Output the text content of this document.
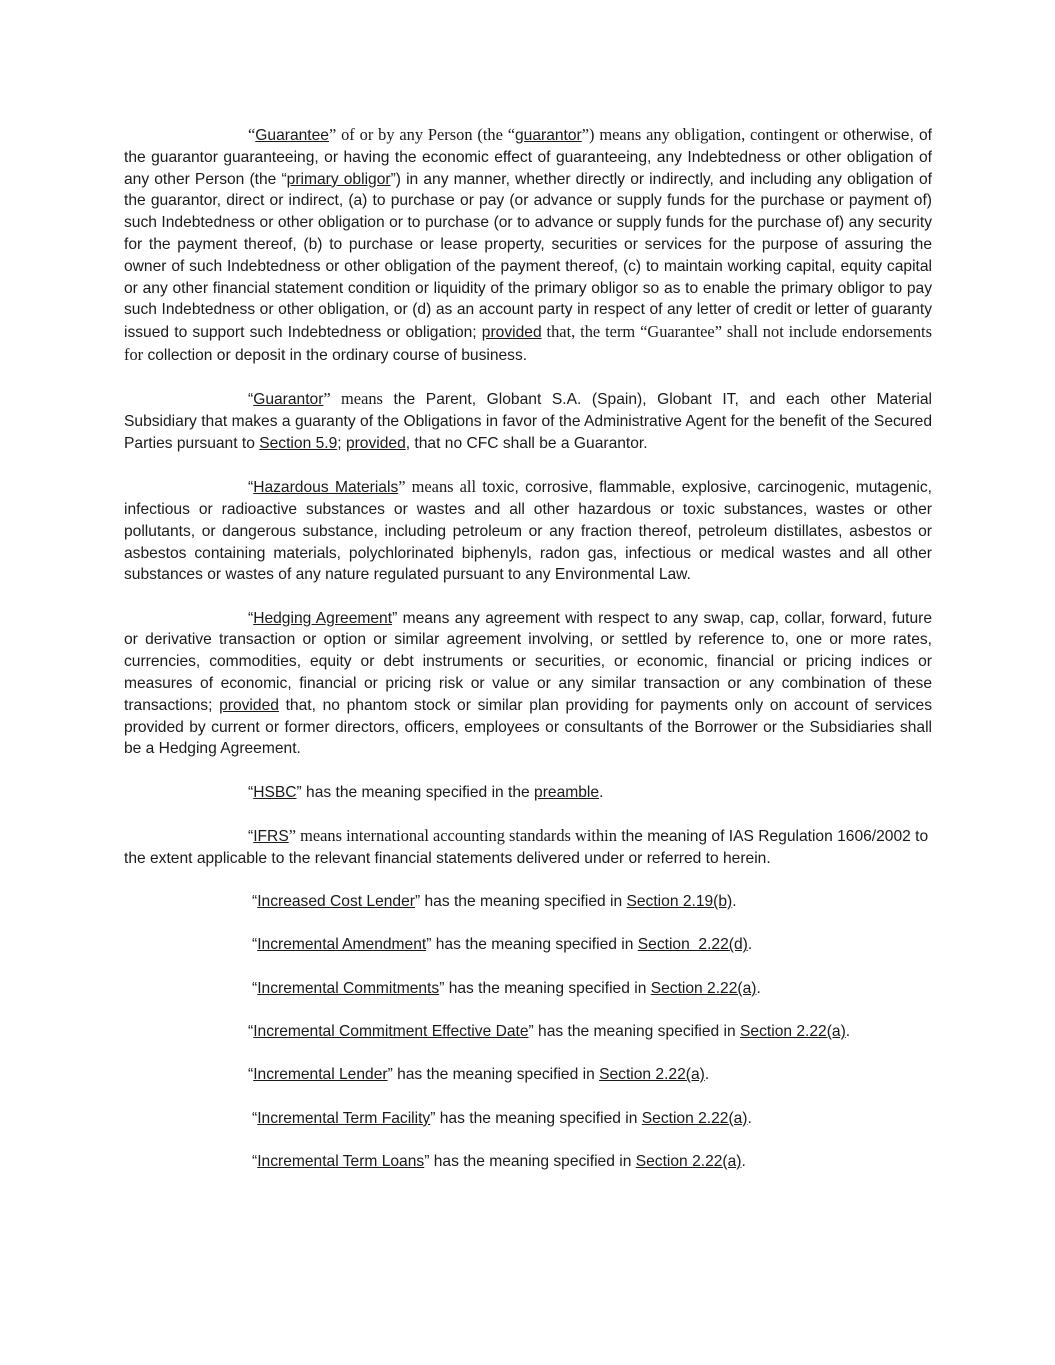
“Guarantee” of or by any Person (the “guarantor”) means any obligation, contingent or otherwise, of the guarantor guaranteeing, or having the economic effect of guaranteeing, any Indebtedness or other obligation of any other Person (the “primary obligor”) in any manner, whether directly or indirectly, and including any obligation of the guarantor, direct or indirect, (a) to purchase or pay (or advance or supply funds for the purchase or payment of) such Indebtedness or other obligation or to purchase (or to advance or supply funds for the purchase of) any security for the payment thereof, (b) to purchase or lease property, securities or services for the purpose of assuring the owner of such Indebtedness or other obligation of the payment thereof, (c) to maintain working capital, equity capital or any other financial statement condition or liquidity of the primary obligor so as to enable the primary obligor to pay such Indebtedness or other obligation, or (d) as an account party in respect of any letter of credit or letter of guaranty issued to support such Indebtedness or obligation; provided that, the term “Guarantee” shall not include endorsements for collection or deposit in the ordinary course of business.

“Guarantor” means the Parent, Globant S.A. (Spain), Globant IT, and each other Material Subsidiary that makes a guaranty of the Obligations in favor of the Administrative Agent for the benefit of the Secured Parties pursuant to Section 5.9; provided, that no CFC shall be a Guarantor.

“Hazardous Materials” means all toxic, corrosive, flammable, explosive, carcinogenic, mutagenic, infectious or radioactive substances or wastes and all other hazardous or toxic substances, wastes or other pollutants, or dangerous substance, including petroleum or any fraction thereof, petroleum distillates, asbestos or asbestos containing materials, polychlorinated biphenyls, radon gas, infectious or medical wastes and all other substances or wastes of any nature regulated pursuant to any Environmental Law.

“Hedging Agreement” means any agreement with respect to any swap, cap, collar, forward, future or derivative transaction or option or similar agreement involving, or settled by reference to, one or more rates, currencies, commodities, equity or debt instruments or securities, or economic, financial or pricing indices or measures of economic, financial or pricing risk or value or any similar transaction or any combination of these transactions; provided that, no phantom stock or similar plan providing for payments only on account of services provided by current or former directors, officers, employees or consultants of the Borrower or the Subsidiaries shall be a Hedging Agreement.

“HSBC” has the meaning specified in the preamble.

“IFRS” means international accounting standards within the meaning of IAS Regulation 1606/2002 to the extent applicable to the relevant financial statements delivered under or referred to herein.

“Increased Cost Lender” has the meaning specified in Section 2.19(b).

“Incremental Amendment” has the meaning specified in Section  2.22(d).

“Incremental Commitments” has the meaning specified in Section 2.22(a).

“Incremental Commitment Effective Date” has the meaning specified in Section 2.22(a).

“Incremental Lender” has the meaning specified in Section 2.22(a).

“Incremental Term Facility” has the meaning specified in Section 2.22(a).

“Incremental Term Loans” has the meaning specified in Section 2.22(a).
